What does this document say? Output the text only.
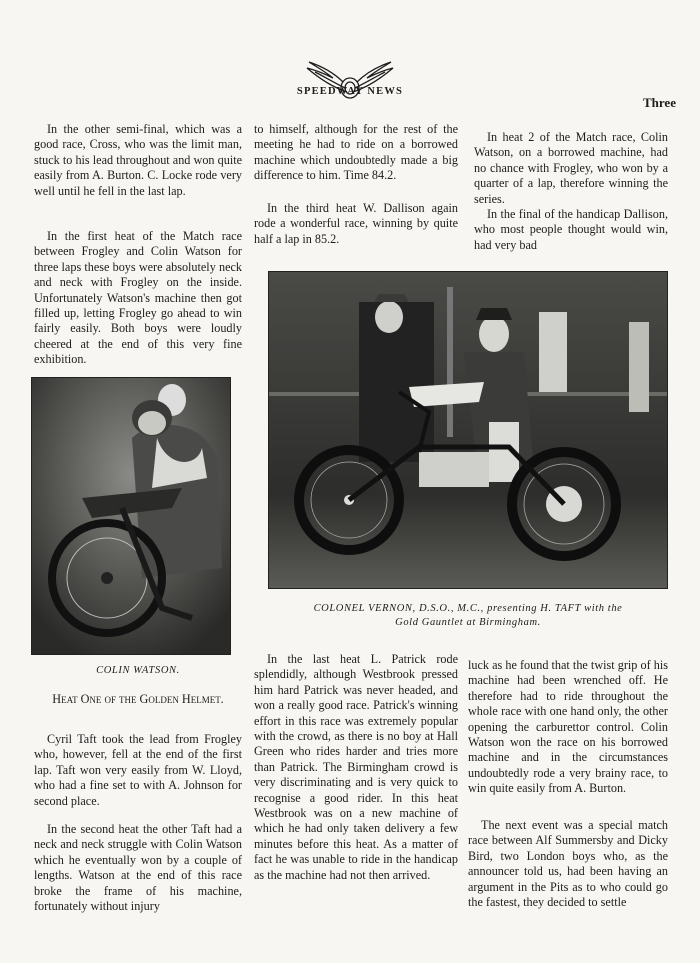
SPEEDWAY NEWS
Three

In the other semi-final, which was a good race, Cross, who was the limit man, stuck to his lead throughout and won quite easily from A. Burton. C. Locke rode very well until he fell in the last lap.

In the first heat of the Match race between Frogley and Colin Watson for three laps these boys were absolutely neck and neck with Frogley on the inside. Unfortunately Watson's machine then got filled up, letting Frogley go ahead to win fairly easily. Both boys were loudly cheered at the end of this very fine exhibition.

COLIN WATSON.

Heat One of the Golden Helmet.

Cyril Taft took the lead from Frogley who, however, fell at the end of the first lap. Taft won very easily from W. Lloyd, who had a fine set to with A. Johnson for second place.

In the second heat the other Taft had a neck and neck struggle with Colin Watson which he eventually won by a couple of lengths. Watson at the end of this race broke the frame of his machine, fortunately without injury

to himself, although for the rest of the meeting he had to ride on a borrowed machine which undoubtedly made a big difference to him. Time 84.2.

In the third heat W. Dallison again rode a wonderful race, winning by quite half a lap in 85.2.

In heat 2 of the Match race, Colin Watson, on a borrowed machine, had no chance with Frogley, who won by a quarter of a lap, therefore winning the series.

In the final of the handicap Dallison, who most people thought would win, had very bad

COLONEL VERNON, D.S.O., M.C., presenting H. TAFT with the

Gold Gauntlet at Birmingham.

In the last heat L. Patrick rode splendidly, although Westbrook pressed him hard Patrick was never headed, and won a really good race. Patrick's winning effort in this race was extremely popular with the crowd, as there is no boy at Hall Green who rides harder and tries more than Patrick. The Birmingham crowd is very discriminating and is very quick to recognise a good rider. In this heat Westbrook was on a new machine of which he had only taken delivery a few minutes before this heat. As a matter of fact he was unable to ride in the handicap as the machine had not then arrived.

luck as he found that the twist grip of his machine had been wrenched off. He therefore had to ride throughout the whole race with one hand only, the other opening the carburettor control. Colin Watson won the race on his borrowed machine and in the circumstances undoubtedly rode a very brainy race, to win quite easily from A. Burton.

The next event was a special match race between Alf Summersby and Dicky Bird, two London boys who, as the announcer told us, had been having an argument in the Pits as to who could go the fastest, they decided to settle
